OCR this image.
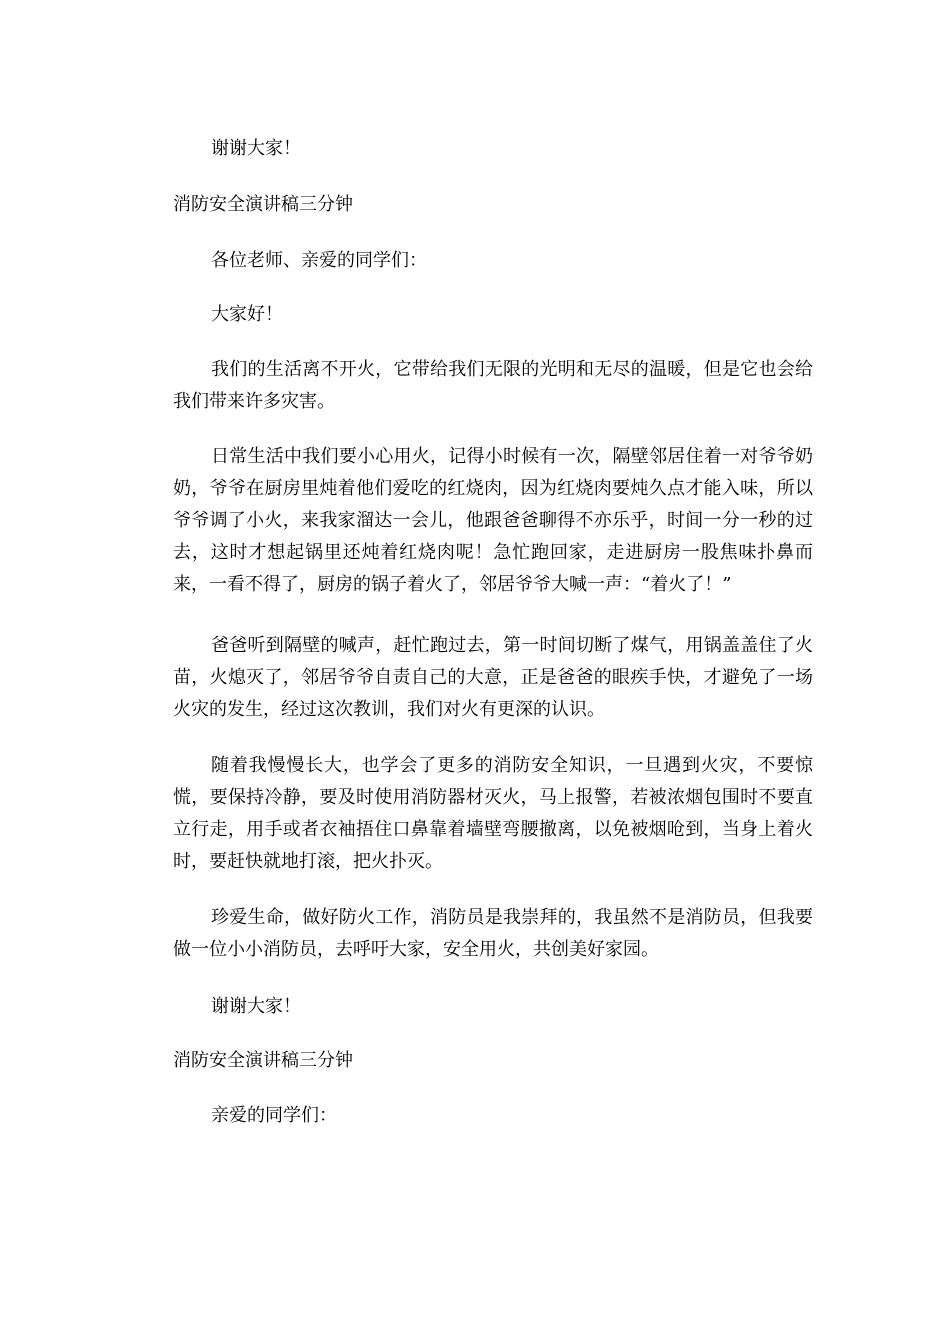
谢谢大家！

消防安全演讲稿三分钟

各位老师、亲爱的同学们：

大家好！

我们的生活离不开火，它带给我们无限的光明和无尽的温暖，但是它也会给我们带来许多灾害。

日常生活中我们要小心用火，记得小时候有一次，隔壁邻居住着一对爷爷奶奶，爷爷在厨房里炖着他们爱吃的红烧肉，因为红烧肉要炖久点才能入味，所以爷爷调了小火，来我家溜达一会儿，他跟爸爸聊得不亦乐乎，时间一分一秒的过去，这时才想起锅里还炖着红烧肉呢！急忙跑回家，走进厨房一股焦味扑鼻而来，一看不得了，厨房的锅子着火了，邻居爷爷大喊一声：“着火了！”

爸爸听到隔壁的喊声，赶忙跑过去，第一时间切断了煤气，用锅盖盖住了火苗，火熄灭了，邻居爷爷自责自己的大意，正是爸爸的眼疾手快，才避免了一场火灾的发生，经过这次教训，我们对火有更深的认识。

随着我慢慢长大，也学会了更多的消防安全知识，一旦遇到火灾，不要惊慌，要保持冷静，要及时使用消防器材灭火，马上报警，若被浓烟包围时不要直立行走，用手或者衣袖捂住口鼻靠着墙壁弯腰撤离，以免被烟呛到，当身上着火时，要赶快就地打滚，把火扑灭。

珍爱生命，做好防火工作，消防员是我崇拜的，我虽然不是消防员，但我要做一位小小消防员，去呼吁大家，安全用火，共创美好家园。

谢谢大家！

消防安全演讲稿三分钟

亲爱的同学们：
